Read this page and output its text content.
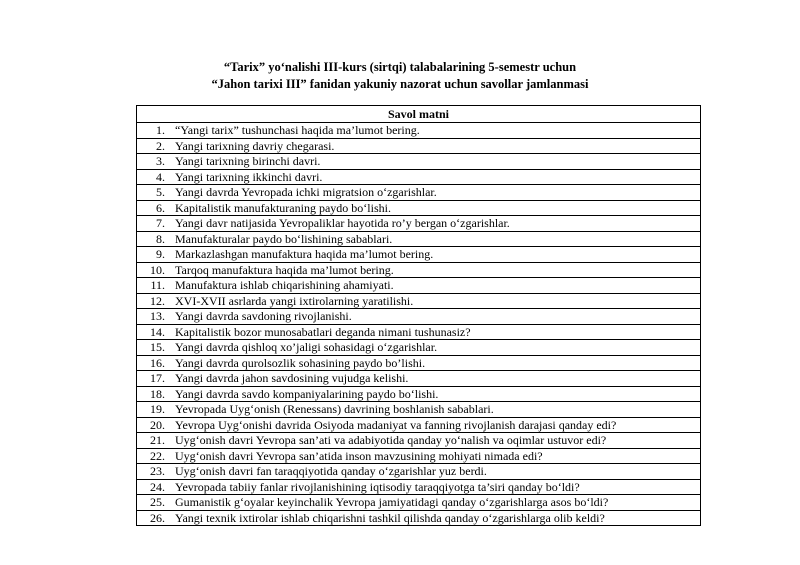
“Tarix” yo‘nalishi III-kurs (sirtqi) talabalarining 5-semestr uchun
“Jahon tarixi III” fanidan yakuniy nazorat uchun savollar jamlanmasi
Savol matni	
1.	“Yangi tarix” tushunchasi haqida ma’lumot bering.
2.	Yangi tarixning davriy chegarasi.
3.	Yangi tarixning birinchi davri.
4.	Yangi tarixning ikkinchi davri.
5.	Yangi davrda Yevropada ichki migratsion o‘zgarishlar.
6.	Kapitalistik manufakturaning paydo bo‘lishi.
7.	Yangi davr natijasida Yevropaliklar hayotida ro’y bergan o‘zgarishlar.
8.	Manufakturalar paydo bo‘lishining sabablari.
9.	Markazlashgan manufaktura haqida ma’lumot bering.
10.	Tarqoq manufaktura haqida ma’lumot bering.
11.	Manufaktura ishlab chiqarishining ahamiyati.
12.	XVI-XVII asrlarda yangi ixtirolarning yaratilishi.
13.	Yangi davrda savdoning rivojlanishi.
14.	Kapitalistik bozor munosabatlari deganda nimani tushunasiz?
15.	Yangi davrda qishloq xo’jaligi sohasidagi o‘zgarishlar.
16.	Yangi davrda qurolsozlik sohasining paydo bo’lishi.
17.	Yangi davrda jahon savdosining vujudga kelishi.
18.	Yangi davrda savdo kompaniyalarining paydo bo‘lishi.
19.	Yevropada Uyg‘onish (Renessans) davrining boshlanish sabablari.
20.	Yevropa Uyg‘onishi davrida Osiyoda madaniyat va fanning rivojlanish darajasi qanday edi?
21.	Uyg‘onish davri Yevropa san’ati va adabiyotida qanday yo‘nalish va oqimlar ustuvor edi?
22.	Uyg‘onish davri Yevropa san’atida inson mavzusining mohiyati nimada edi?
23.	Uyg‘onish davri fan taraqqiyotida qanday o‘zgarishlar yuz berdi.
24.	Yevropada tabiiy fanlar rivojlanishining iqtisodiy taraqqiyotga ta’siri qanday bo‘ldi?
25.	Gumanistik g‘oyalar keyinchalik Yevropa jamiyatidagi qanday o‘zgarishlarga asos bo‘ldi?
26.	Yangi texnik ixtirolar ishlab chiqarishni tashkil qilishda qanday o‘zgarishlarga olib keldi?
